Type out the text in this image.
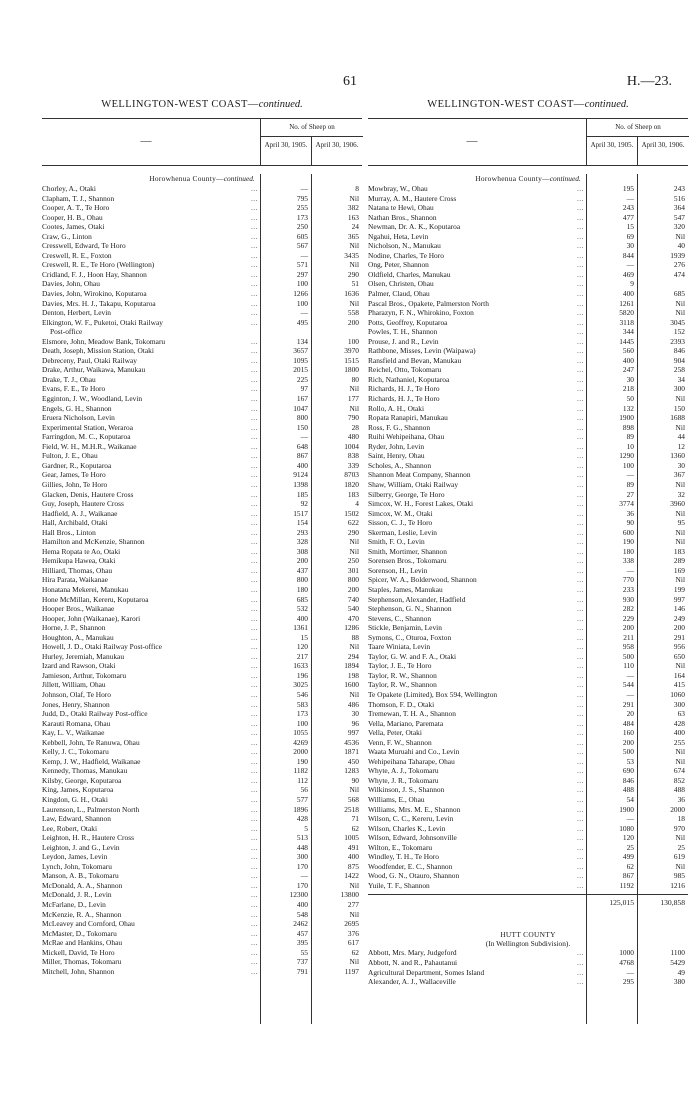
61	H.—23.
WELLINGTON-WEST COAST—continued.
—
No. of Sheep on
April 30, 1905.	April 30, 1906.
Horowhenua County—continued.
Chorley, A., Otaki	...	—	8
Clapham, T. J., Shannon	...	795	Nil
Cooper, A. T., Te Horo	...	255	382
Cooper, H. B., Ohau	...	173	163
Cootes, James, Otaki	...	250	24
Craw, G., Linton	...	605	365
Cresswell, Edward, Te Horo	...	567	Nil
Creswell, R. E., Foxton	...	—	3435
Creswell, R. E., Te Horo (Wellington)	...	571	Nil
Cridland, F. J., Hoon Hay, Shannon	...	297	290
Davies, John, Ohau	...	100	51
Davies, John, Wirokino, Koputaroa	...	1266	1636
Davies, Mrs. H. J., Takapu, Koputaroa	...	100	Nil
Denton, Herbert, Levin	...	—	558
Elkington, W. F., Puketoi, Otaki Railway	...	495	200
Post-office
Elsmore, John, Meadow Bank, Tokomaru	...	134	100
Death, Joseph, Mission Station, Otaki	...	3657	3970
Debreceny, Paul, Otaki Railway	...	1095	1515
Drake, Arthur, Waikawa, Manukau	...	2015	1800
Drake, T. J., Ohau	...	225	80
Evans, F. E., Te Horo	...	97	Nil
Egginton, J. W., Woodland, Levin	...	167	177
Engels, G. H., Shannon	...	1047	Nil
Eruera Nicholson, Levin	...	800	790
Experimental Station, Weraroa	...	150	28
Farringdon, M. C., Koputaroa	...	—	480
Field, W. H., M.H.R., Waikanae	...	648	1004
Fulton, J. E., Ohau	...	867	838
Gardner, R., Koputaroa	...	400	339
Gear, James, Te Horo	...	9124	8703
Gillies, John, Te Horo	...	1398	1820
Glacken, Denis, Hautere Cross	...	185	183
Guy, Joseph, Hautere Cross	...	92	4
Hadfield, A. J., Waikanae	...	1517	1502
Hall, Archibald, Otaki	...	154	622
Hall Bros., Linton	...	293	290
Hamilton and McKenzie, Shannon	...	328	Nil
Hema Ropata te Ao, Otaki	...	308	Nil
Hemikupa Hawea, Otaki	...	200	250
Hilliard, Thomas, Ohau	...	437	301
Hira Parata, Waikanae	...	800	800
Honatana Mekerei, Manukau	...	180	200
Hone McMillan, Kereru, Koputaroa	...	685	740
Hooper Bros., Waikanae	...	532	540
Hooper, John (Waikanae), Karori	...	400	470
Horne, J. P., Shannon	...	1361	1286
Houghton, A., Manukau	...	15	88
Howell, J. D., Otaki Railway Post-office	...	120	Nil
Hurley, Jeremiah, Manukau	...	217	294
Izard and Rawson, Otaki	...	1633	1894
Jamieson, Arthur, Tokomaru	...	196	198
Jillett, William, Ohau	...	3025	1600
Johnson, Olaf, Te Horo	...	546	Nil
Jones, Henry, Shannon	...	583	486
Judd, D., Otaki Railway Post-office	...	173	30
Karauti Romana, Ohau	...	100	96
Kay, L. V., Waikanae	...	1055	997
Kebbell, John, Te Ranuwa, Ohau	...	4269	4536
Kelly, J. C., Tokomaru	...	2000	1871
Kemp, J. W., Hadfield, Waikanae	...	190	450
Kennedy, Thomas, Manukau	...	1182	1283
Kilsby, George, Koputaroa	...	112	90
King, James, Koputaroa	...	56	Nil
Kingdon, G. H., Otaki	...	577	568
Laurenson, L., Palmerston North	...	1896	2518
Law, Edward, Shannon	...	428	71
Lee, Robert, Otaki	...	5	62
Leighton, H. R., Hautere Cross	...	513	1005
Leighton, J. and G., Levin	...	448	491
Leydon, James, Levin	...	300	400
Lynch, John, Tokomaru	...	170	875
Manson, A. B., Tokomaru	...	—	1422
McDonald, A. A., Shannon	...	170	Nil
McDonald, J. R., Levin	...	12300	13800
McFarlane, D., Levin	...	400	277
McKenzie, R. A., Shannon	...	548	Nil
McLeavey and Cornford, Ohau	...	2462	2695
McMaster, D., Tokomaru	...	457	376
McRae and Hankins, Ohau	...	395	617
Mickell, David, Te Horo	...	55	62
Miller, Thomas, Tokomaru	...	737	Nil
Mitchell, John, Shannon	...	791	1197
WELLINGTON-WEST COAST—continued.
—
No. of Sheep on
April 30, 1905.	April 30, 1906.
Horowhenua County—continued.
Mowbray, W., Ohau	...	195	243
Murray, A. M., Hautere Cross	...	—	516
Natana te Hewi, Ohau	...	243	364
Nathan Bros., Shannon	...	477	547
Newman, Dr. A. K., Koputaroa	...	15	320
Ngahui, Heta, Levin	...	69	Nil
Nicholson, N., Manukau	...	30	40
Nodine, Charles, Te Horo	...	844	1939
Ong, Peter, Shannon	...	—	276
Oldfield, Charles, Manukau	...	469	474
Olsen, Christen, Ohau	...	9
Palmer, Claud, Ohau	...	400	685
Pascal Bros., Opakete, Palmerston North	...	1261	Nil
Pharazyn, F. N., Whirokino, Foxton	...	5820	Nil
Potts, Geoffrey, Koputaroa	...	3118	3045
Powles, T. H., Shannon	...	344	152
Prouse, J. and R., Levin	...	1445	2393
Rathbone, Misses, Levin (Waipawa)	...	560	846
Ransfield and Bevan, Manukau	...	400	904
Reichel, Otto, Tokomaru	...	247	258
Rich, Nathaniel, Koputaroa	...	30	34
Richards, H. J., Te Horo	...	218	300
Richards, H. J., Te Horo	...	50	Nil
Rollo, A. H., Otaki	...	132	150
Ropata Ranapiri, Manukau	...	1900	1688
Ross, F. G., Shannon	...	898	Nil
Ruihi Wehipeihana, Ohau	...	89	44
Ryder, John, Levin	...	10	12
Saint, Henry, Ohau	...	1290	1360
Scholes, A., Shannon	...	100	30
Shannon Meat Company, Shannon	...	—	367
Shaw, William, Otaki Railway	...	89	Nil
Silberry, George, Te Horo	...	27	32
Simcox, W. H., Forest Lakes, Otaki	...	3774	3960
Simcox, W. M., Otaki	...	36	Nil
Sisson, C. J., Te Horo	...	90	95
Skerman, Leslie, Levin	...	600	Nil
Smith, F. O., Levin	...	190	Nil
Smith, Mortimer, Shannon	...	180	183
Sorensen Bros., Tokomaru	...	338	289
Sorenson, H., Levin	...	—	169
Spicer, W. A., Bolderwood, Shannon	...	770	Nil
Staples, James, Manukau	...	233	199
Stephenson, Alexander, Hadfield	...	930	997
Stephenson, G. N., Shannon	...	282	146
Stevens, C., Shannon	...	229	249
Stickle, Benjamin, Levin	...	200	200
Symons, C., Oturoa, Foxton	...	211	291
Taare Winiata, Levin	...	958	956
Taylor, G. W. and F. A., Otaki	...	500	650
Taylor, J. E., Te Horo	...	110	Nil
Taylor, R. W., Shannon	...	—	164
Taylor, R. W., Shannon	...	544	415
Te Opakete (Limited), Box 594, Wellington	...	—	1060
Thomson, F. D., Otaki	...	291	300
Tremewan, T. H. A., Shannon	...	20	63
Vella, Mariano, Paremata	...	484	428
Vella, Peter, Otaki	...	160	400
Venn, F. W., Shannon	...	200	255
Waata Muruahi and Co., Levin	...	500	Nil
Wehipeihana Taharape, Ohau	...	53	Nil
Whyte, A. J., Tokomaru	...	690	674
Whyte, J. R., Tokomaru	...	846	852
Wilkinson, J. S., Shannon	...	488	488
Williams, E., Ohau	...	54	36
Williams, Mrs. M. E., Shannon	...	1900	2000
Wilson, C. C., Kereru, Levin	...	—	18
Wilson, Charles K., Levin	...	1080	970
Wilson, Edward, Johnsonville	...	120	Nil
Wilton, E., Tokomaru	...	25	25
Windley, T. H., Te Horo	...	499	619
Woodfender, E. C., Shannon	...	62	Nil
Wood, G. N., Otauro, Shannon	...	867	985
Yuile, T. F., Shannon	...	1192	1216
125,015	130,858
HUTT COUNTY
(In Wellington Subdivision).
Abbott, Mrs. Mary, Judgeford	...	1000	1100
Abbott, N. and R., Pahautanui	...	4768	5429
Agricultural Department, Somes Island	...	—	49
Alexander, A. J., Wallaceville	...	295	380
